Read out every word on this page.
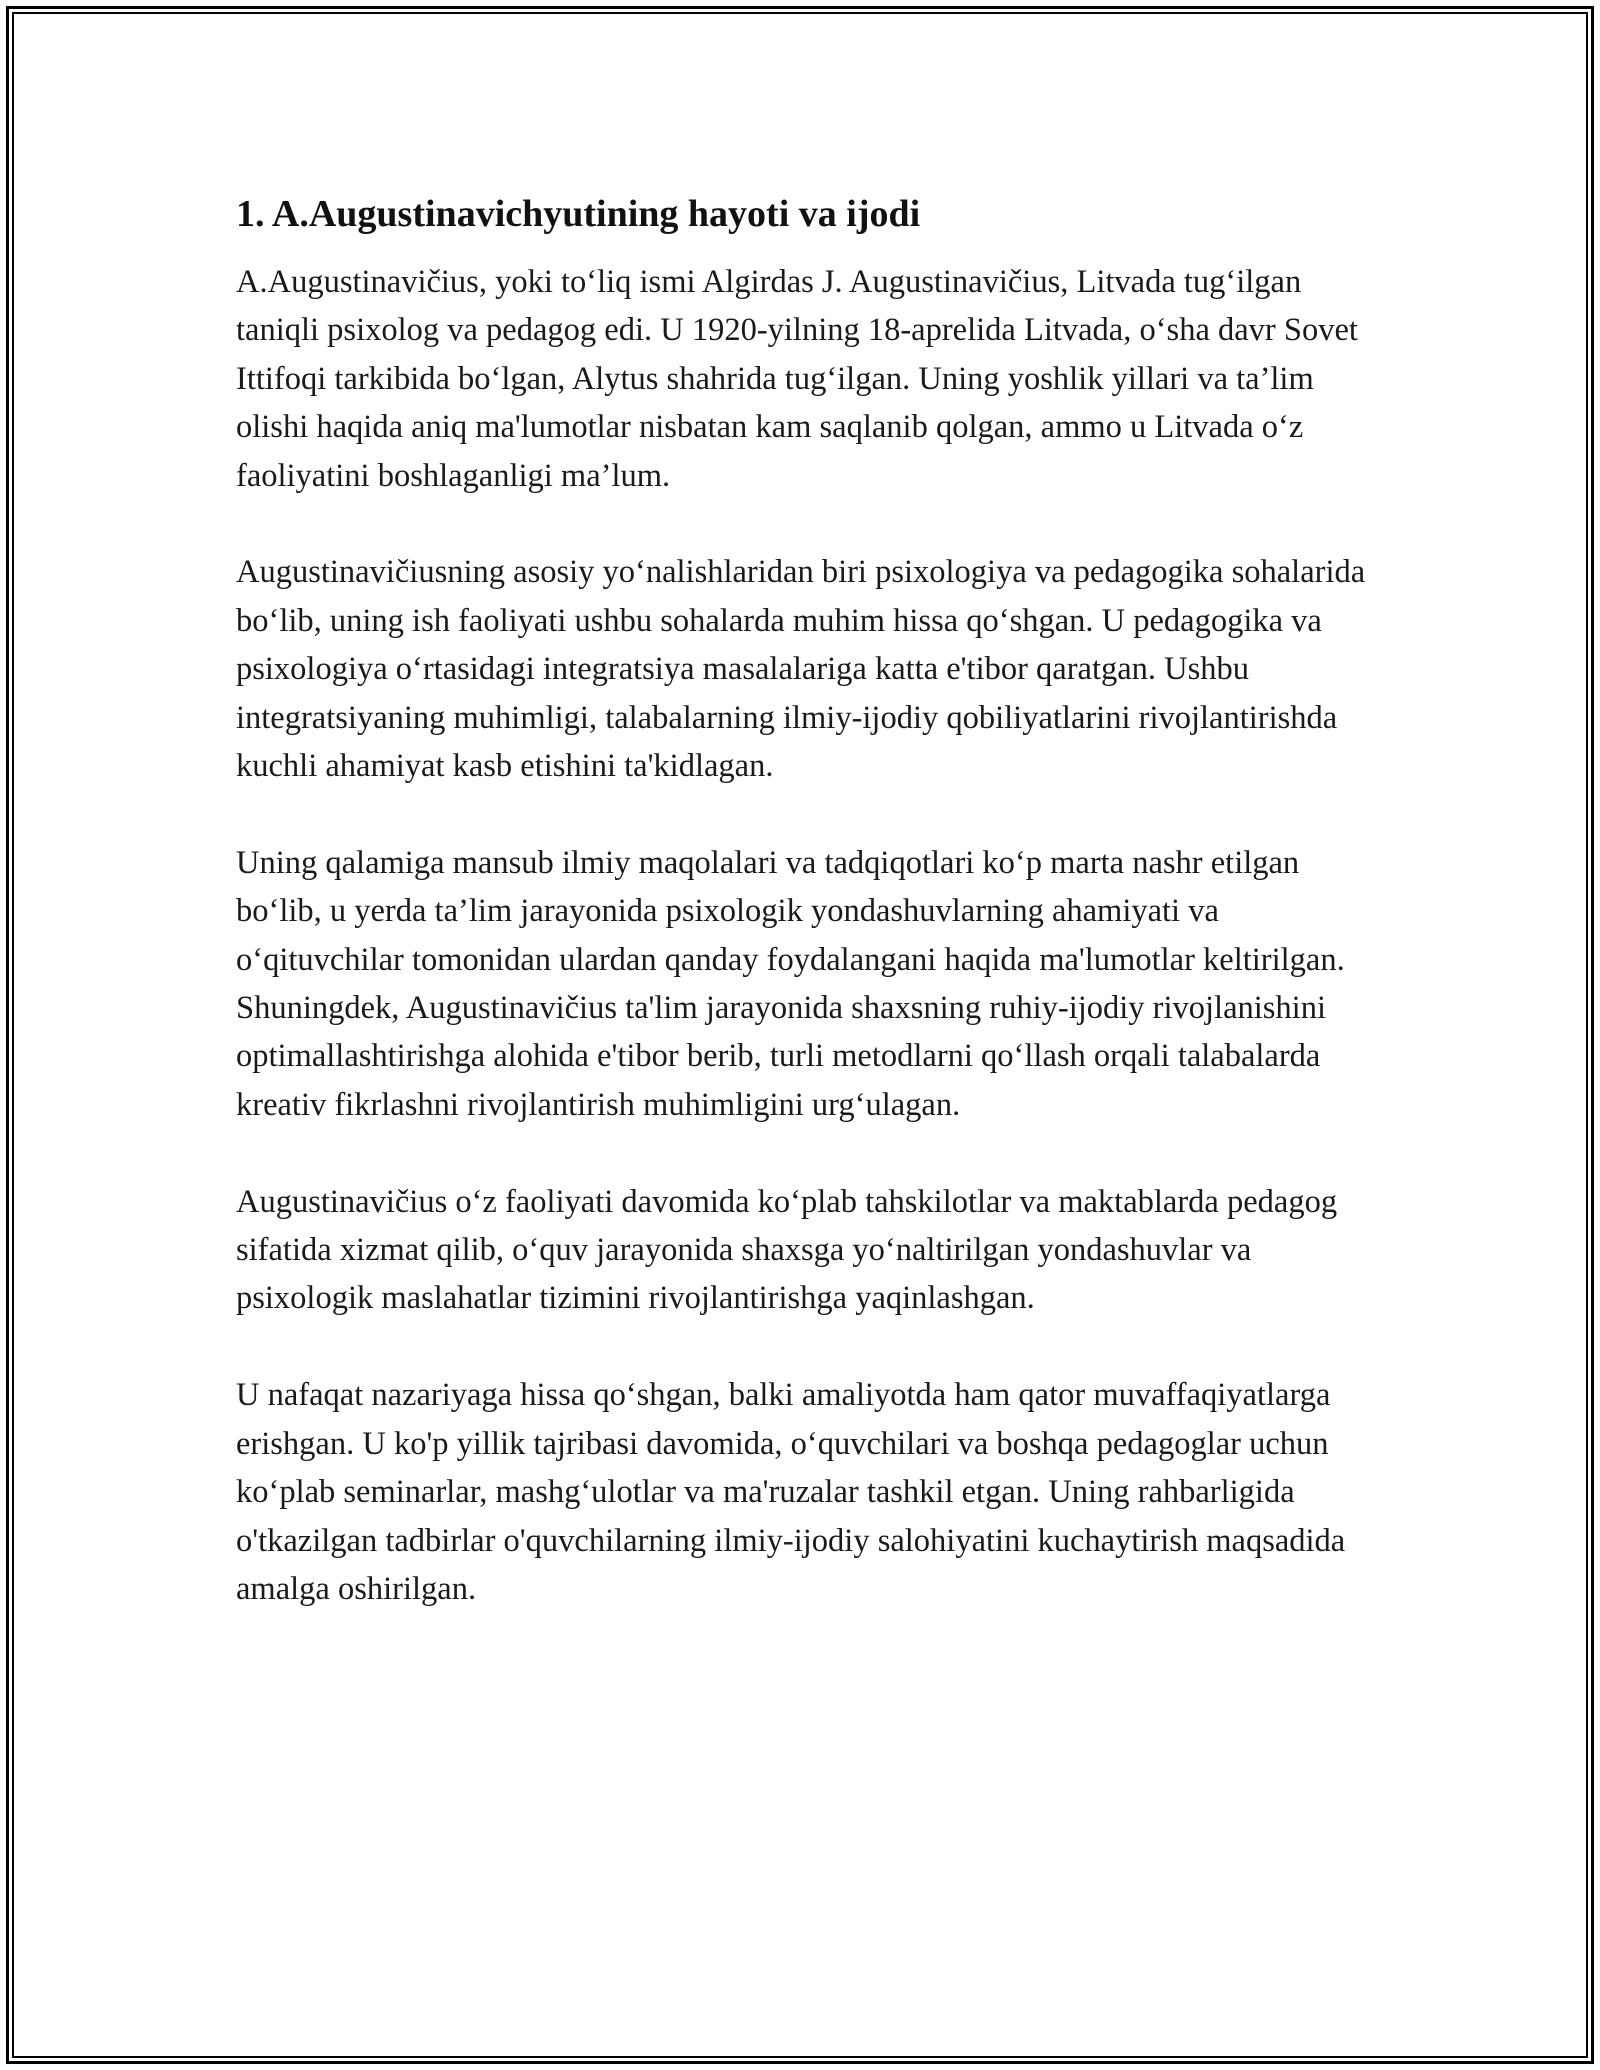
1. A.Augustinavichyutining hayoti va ijodi

A.Augustinavičius, yoki to‘liq ismi Algirdas J. Augustinavičius, Litvada tug‘ilgan taniqli psixolog va pedagog edi. U 1920-yilning 18-aprelida Litvada, o‘sha davr Sovet Ittifoqi tarkibida bo‘lgan, Alytus shahrida tug‘ilgan. Uning yoshlik yillari va ta’lim olishi haqida aniq ma'lumotlar nisbatan kam saqlanib qolgan, ammo u Litvada o‘z faoliyatini boshlaganligi ma’lum.

Augustinavičiusning asosiy yo‘nalishlaridan biri psixologiya va pedagogika sohalarida bo‘lib, uning ish faoliyati ushbu sohalarda muhim hissa qo‘shgan. U pedagogika va psixologiya o‘rtasidagi integratsiya masalalariga katta e'tibor qaratgan. Ushbu integratsiyaning muhimligi, talabalarning ilmiy-ijodiy qobiliyatlarini rivojlantirishda kuchli ahamiyat kasb etishini ta'kidlagan.

Uning qalamiga mansub ilmiy maqolalari va tadqiqotlari ko‘p marta nashr etilgan bo‘lib, u yerda ta’lim jarayonida psixologik yondashuvlarning ahamiyati va o‘qituvchilar tomonidan ulardan qanday foydalangani haqida ma'lumotlar keltirilgan. Shuningdek, Augustinavičius ta'lim jarayonida shaxsning ruhiy-ijodiy rivojlanishini optimallashtirishga alohida e'tibor berib, turli metodlarni qo‘llash orqali talabalarda kreativ fikrlashni rivojlantirish muhimligini urg‘ulagan.

Augustinavičius o‘z faoliyati davomida ko‘plab tahskilotlar va maktablarda pedagog sifatida xizmat qilib, o‘quv jarayonida shaxsga yo‘naltirilgan yondashuvlar va psixologik maslahatlar tizimini rivojlantirishga yaqinlashgan.

U nafaqat nazariyaga hissa qo‘shgan, balki amaliyotda ham qator muvaffaqiyatlarga erishgan. U ko'p yillik tajribasi davomida, o‘quvchilari va boshqa pedagoglar uchun ko‘plab seminarlar, mashg‘ulotlar va ma'ruzalar tashkil etgan. Uning rahbarligida o'tkazilgan tadbirlar o'quvchilarning ilmiy-ijodiy salohiyatini kuchaytirish maqsadida amalga oshirilgan.
